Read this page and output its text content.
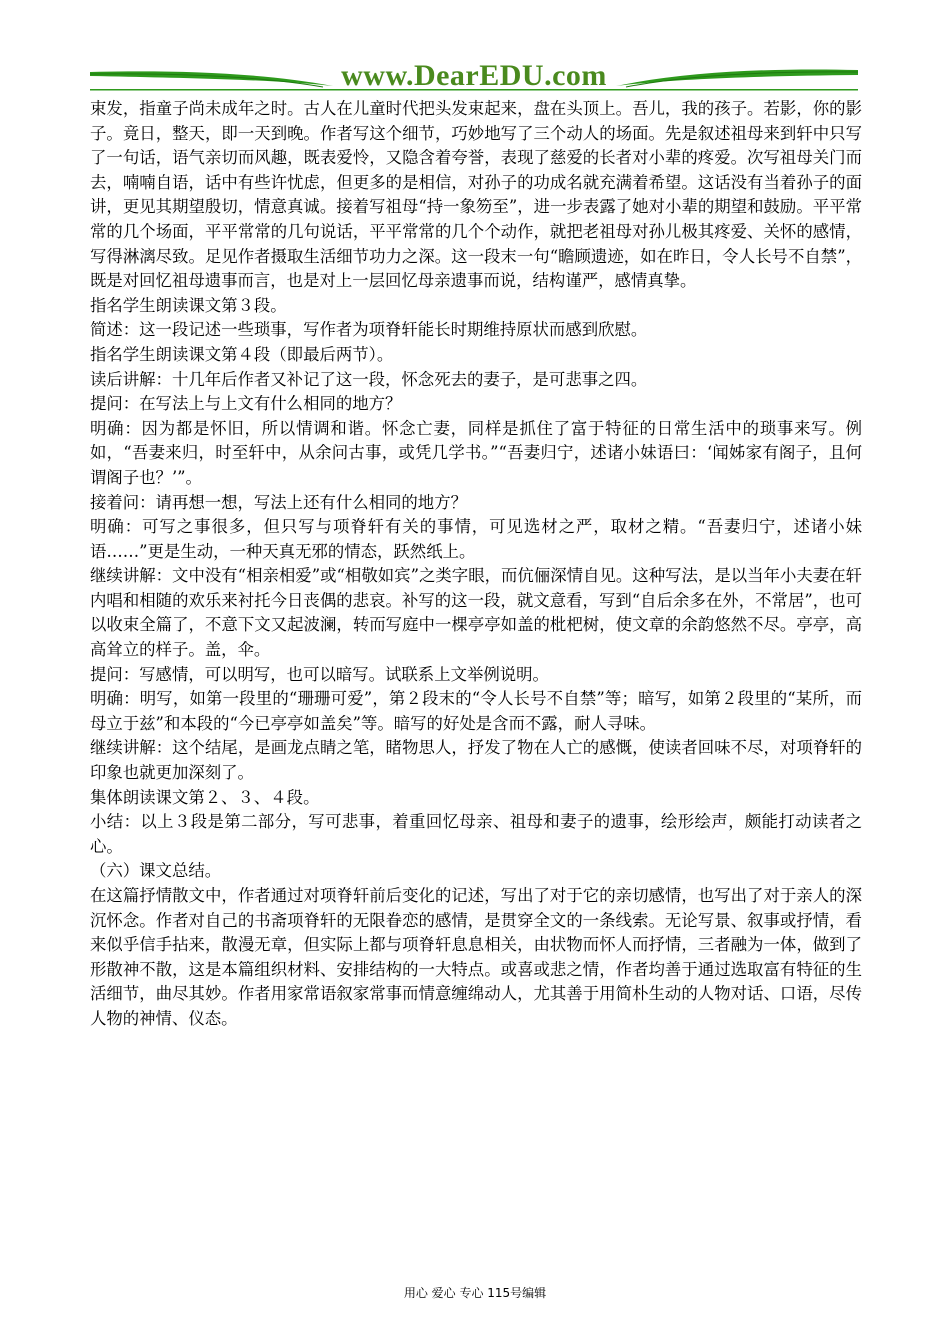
www.DearEDU.com

束发，指童子尚未成年之时。古人在儿童时代把头发束起来，盘在头顶上。吾儿，我的孩子。若影，你的影子。竟日，整天，即一天到晚。作者写这个细节，巧妙地写了三个动人的场面。先是叙述祖母来到轩中只写了一句话，语气亲切而风趣，既表爱怜，又隐含着夸誉，表现了慈爱的长者对小辈的疼爱。次写祖母关门而去，喃喃自语，话中有些许忧虑，但更多的是相信，对孙子的功成名就充满着希望。这话没有当着孙子的面讲，更见其期望殷切，情意真诚。接着写祖母“持一象笏至”，进一步表露了她对小辈的期望和鼓励。平平常常的几个场面，平平常常的几句说话，平平常常的几个个动作，就把老祖母对孙儿极其疼爱、关怀的感情，写得淋漓尽致。足见作者摄取生活细节功力之深。这一段末一句“瞻顾遗迹，如在昨日，令人长号不自禁”，既是对回忆祖母遗事而言，也是对上一层回忆母亲遗事而说，结构谨严，感情真挚。

指名学生朗读课文第３段。

简述：这一段记述一些琐事，写作者为项脊轩能长时期维持原状而感到欣慰。

指名学生朗读课文第４段（即最后两节）。

读后讲解：十几年后作者又补记了这一段，怀念死去的妻子，是可悲事之四。

提问：在写法上与上文有什么相同的地方？

明确：因为都是怀旧，所以情调和谐。怀念亡妻，同样是抓住了富于特征的日常生活中的琐事来写。例如，“吾妻来归，时至轩中，从余问古事，或凭几学书。”“吾妻归宁，述诸小妹语曰：‘闻姊家有阁子，且何谓阁子也？’”。

接着问：请再想一想，写法上还有什么相同的地方？

明确：可写之事很多，但只写与项脊轩有关的事情，可见选材之严，取材之精。“吾妻归宁，述诸小妹语……”更是生动，一种天真无邪的情态，跃然纸上。

继续讲解：文中没有“相亲相爱”或“相敬如宾”之类字眼，而伉俪深情自见。这种写法，是以当年小夫妻在轩内唱和相随的欢乐来衬托今日丧偶的悲哀。补写的这一段，就文意看，写到“自后余多在外，不常居”，也可以收束全篇了，不意下文又起波澜，转而写庭中一棵亭亭如盖的枇杷树，使文章的余韵悠然不尽。亭亭，高高耸立的样子。盖，伞。

提问：写感情，可以明写，也可以暗写。试联系上文举例说明。

明确：明写，如第一段里的“珊珊可爱”，第２段末的“令人长号不自禁”等；暗写，如第２段里的“某所，而母立于兹”和本段的“今已亭亭如盖矣”等。暗写的好处是含而不露，耐人寻味。

继续讲解：这个结尾，是画龙点睛之笔，睹物思人，抒发了物在人亡的感慨，使读者回味不尽，对项脊轩的印象也就更加深刻了。

集体朗读课文第２、３、４段。

小结：以上３段是第二部分，写可悲事，着重回忆母亲、祖母和妻子的遗事，绘形绘声，颇能打动读者之心。

（六）课文总结。

在这篇抒情散文中，作者通过对项脊轩前后变化的记述，写出了对于它的亲切感情，也写出了对于亲人的深沉怀念。作者对自己的书斋项脊轩的无限眷恋的感情，是贯穿全文的一条线索。无论写景、叙事或抒情，看来似乎信手拈来，散漫无章，但实际上都与项脊轩息息相关，由状物而怀人而抒情，三者融为一体，做到了形散神不散，这是本篇组织材料、安排结构的一大特点。或喜或悲之情，作者均善于通过选取富有特征的生活细节，曲尽其妙。作者用家常语叙家常事而情意缠绵动人，尤其善于用简朴生动的人物对话、口语，尽传人物的神情、仪态。

用心 爱心 专心 115号编辑
